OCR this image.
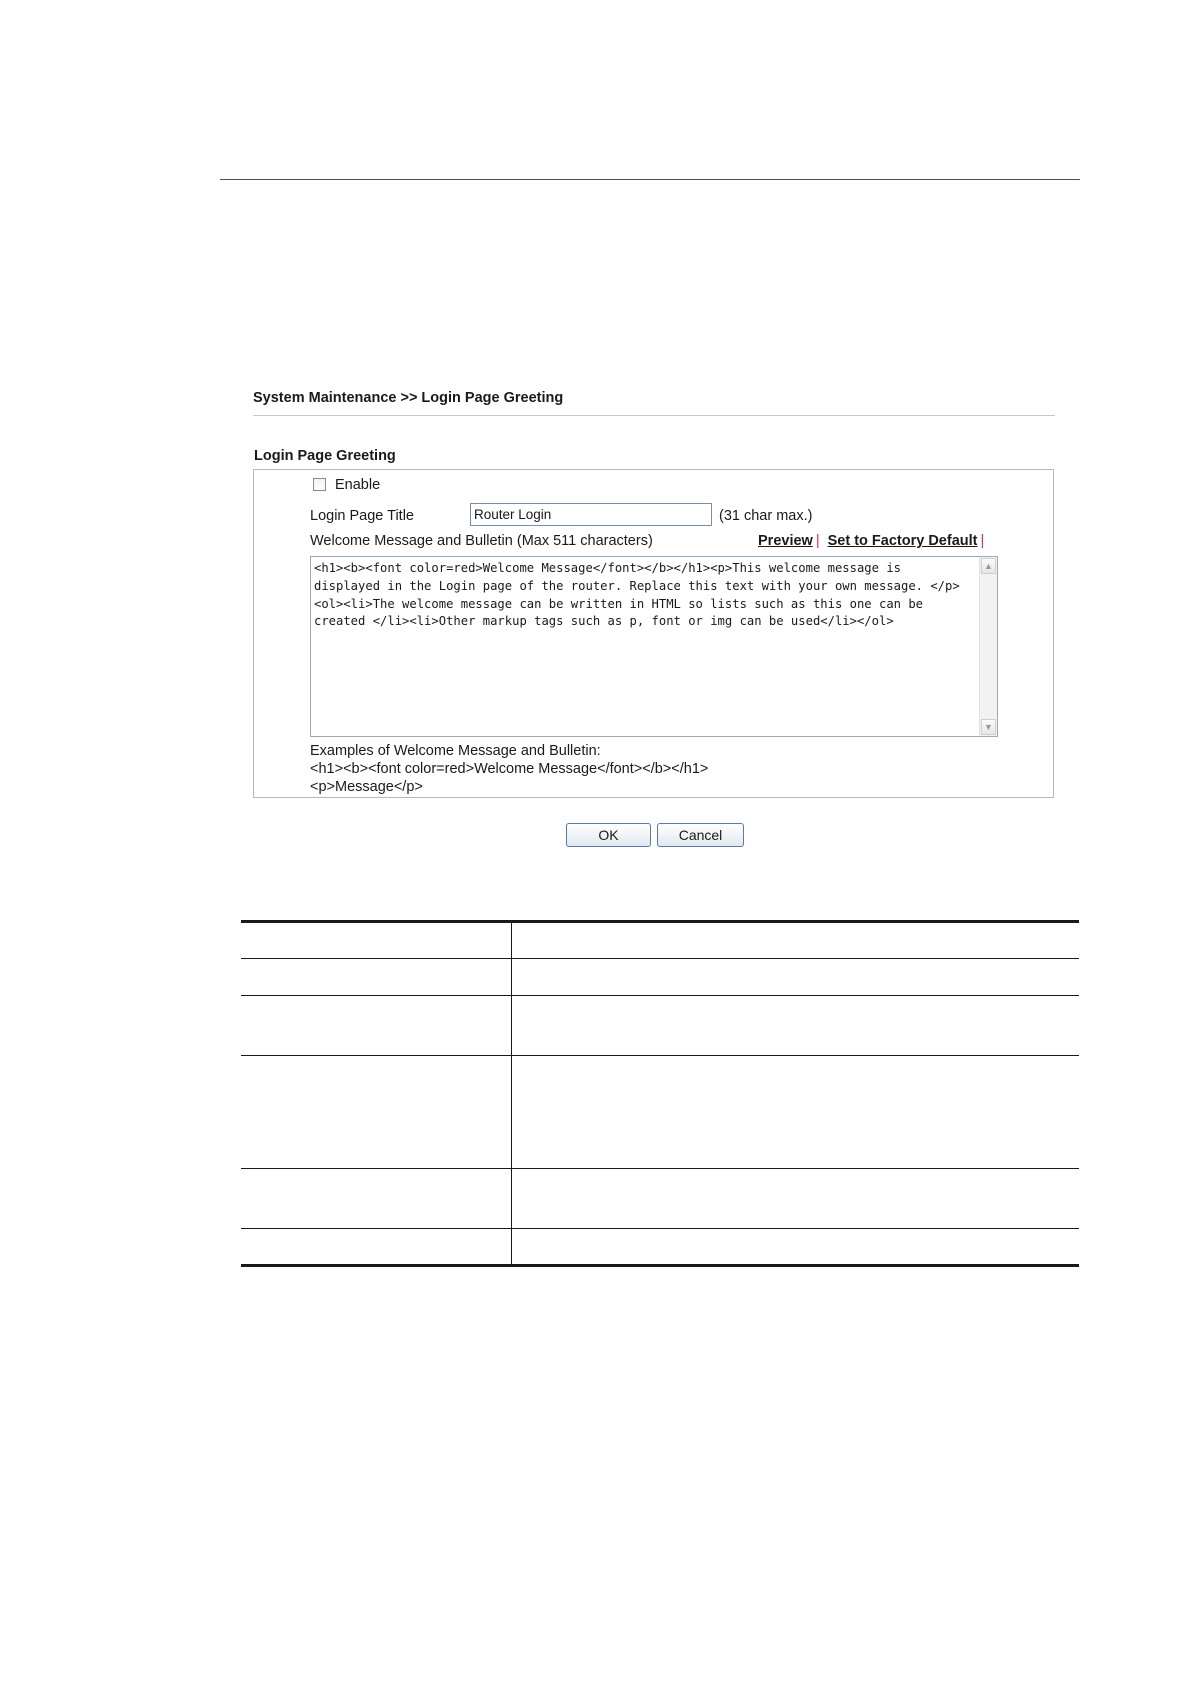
System Maintenance >> Login Page Greeting
Login Page Greeting
Enable
Login Page Title
Router Login	(31 char max.)
Welcome Message and Bulletin (Max 511 characters)	Preview | Set to Factory Default |
<h1><b><font color=red>Welcome Message</font></b></h1><p>This welcome message is displayed in the Login page of the router. Replace this text with your own message. </p><ol><li>The welcome message can be written in HTML so lists such as this one can be created </li><li>Other markup tags such as p, font or img can be used</li></ol>
▲
▼
Examples of Welcome Message and Bulletin:
<h1><b><font color=red>Welcome Message</font></b></h1>
<p>Message</p>
OK	Cancel
